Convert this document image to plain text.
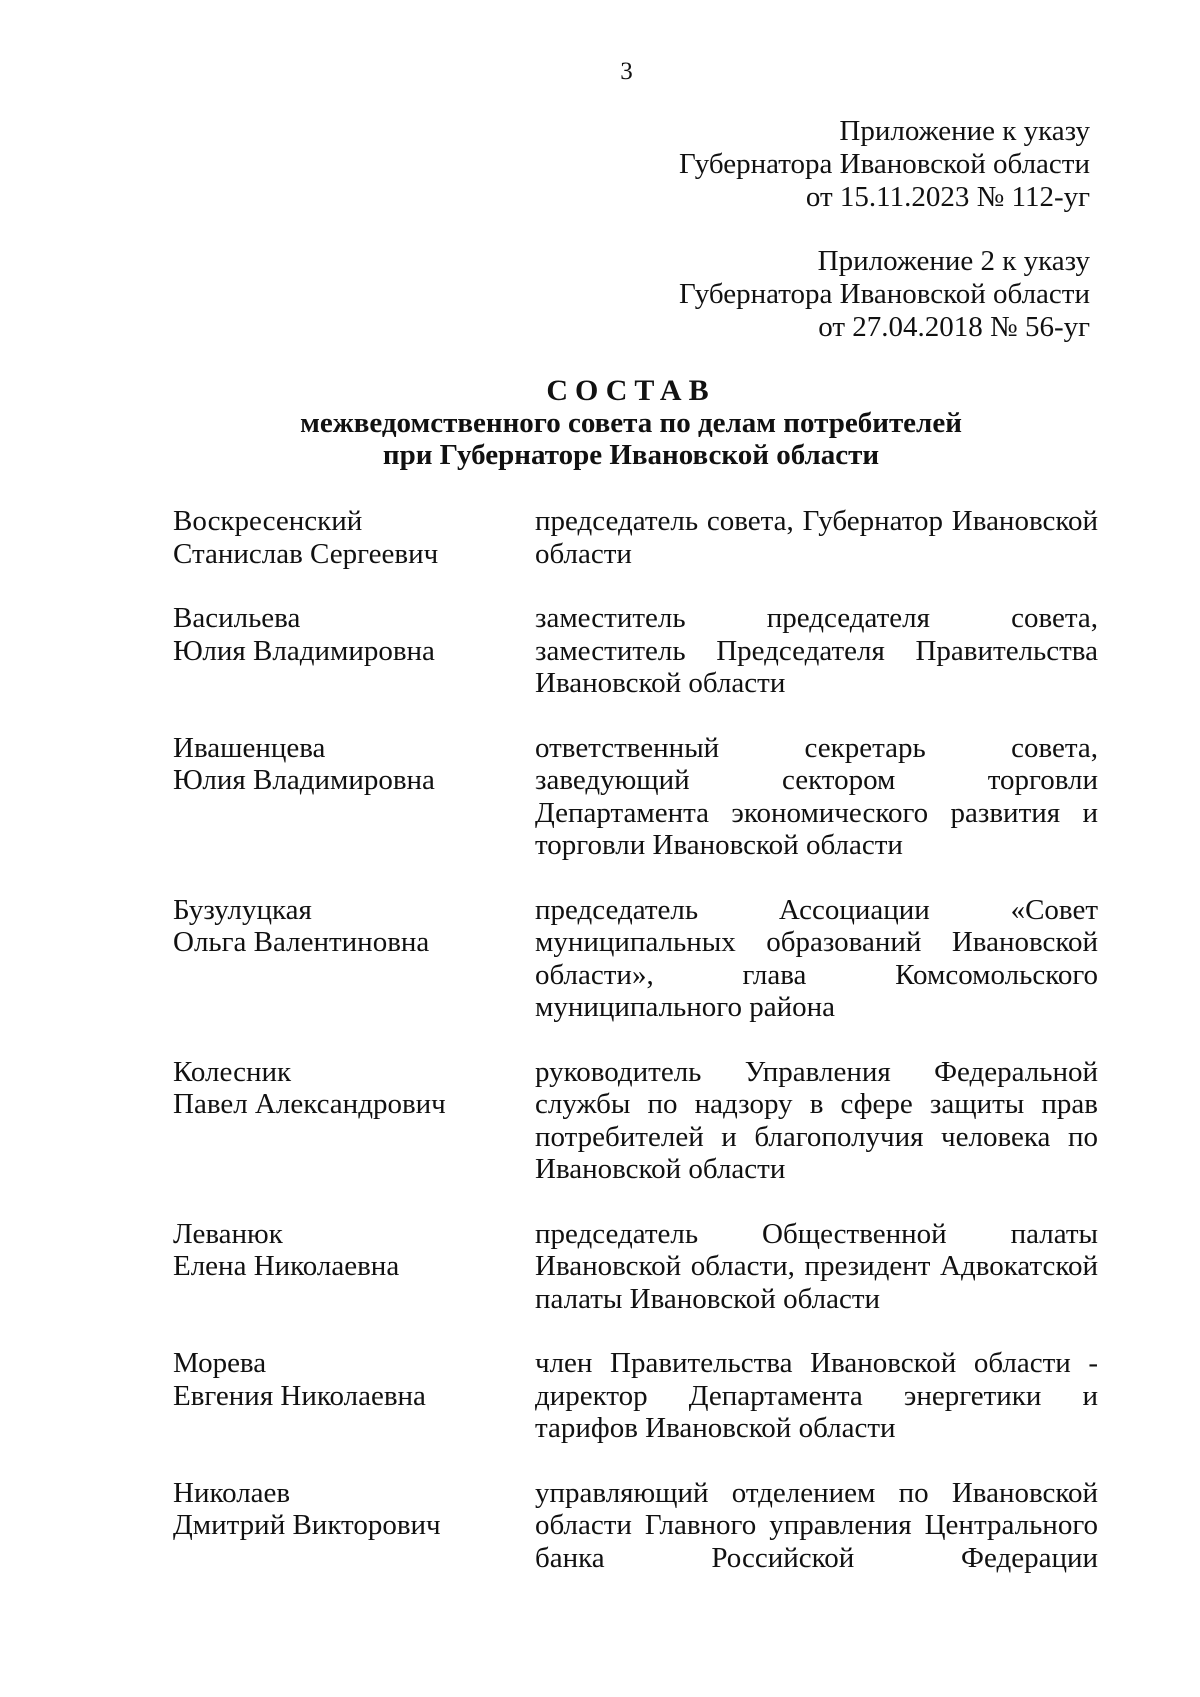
3
Приложение к указу
Губернатора Ивановской области
от 15.11.2023 № 112-уг
Приложение 2 к указу
Губернатора Ивановской области
от 27.04.2018 № 56-уг
СОСТАВ
межведомственного совета по делам потребителей
при Губернаторе Ивановской области
Воскресенский
Станислав Сергеевич
председатель совета, Губернатор Ивановской области
Васильева
Юлия Владимировна
заместитель председателя совета, заместитель Председателя Правительства Ивановской области
Ивашенцева
Юлия Владимировна
ответственный секретарь совета, заведующий сектором торговли Департамента экономического развития и торговли Ивановской области
Бузулуцкая
Ольга Валентиновна
председатель Ассоциации «Совет муниципальных образований Ивановской области», глава Комсомольского муниципального района
Колесник
Павел Александрович
руководитель Управления Федеральной службы по надзору в сфере защиты прав потребителей и благополучия человека по Ивановской области
Леванюк
Елена Николаевна
председатель Общественной палаты Ивановской области, президент Адвокатской палаты Ивановской области
Морева
Евгения Николаевна
член Правительства Ивановской области - директор Департамента энергетики и тарифов Ивановской области
Николаев
Дмитрий Викторович
управляющий отделением по Ивановской области Главного управления Центрального банка Российской Федерации
